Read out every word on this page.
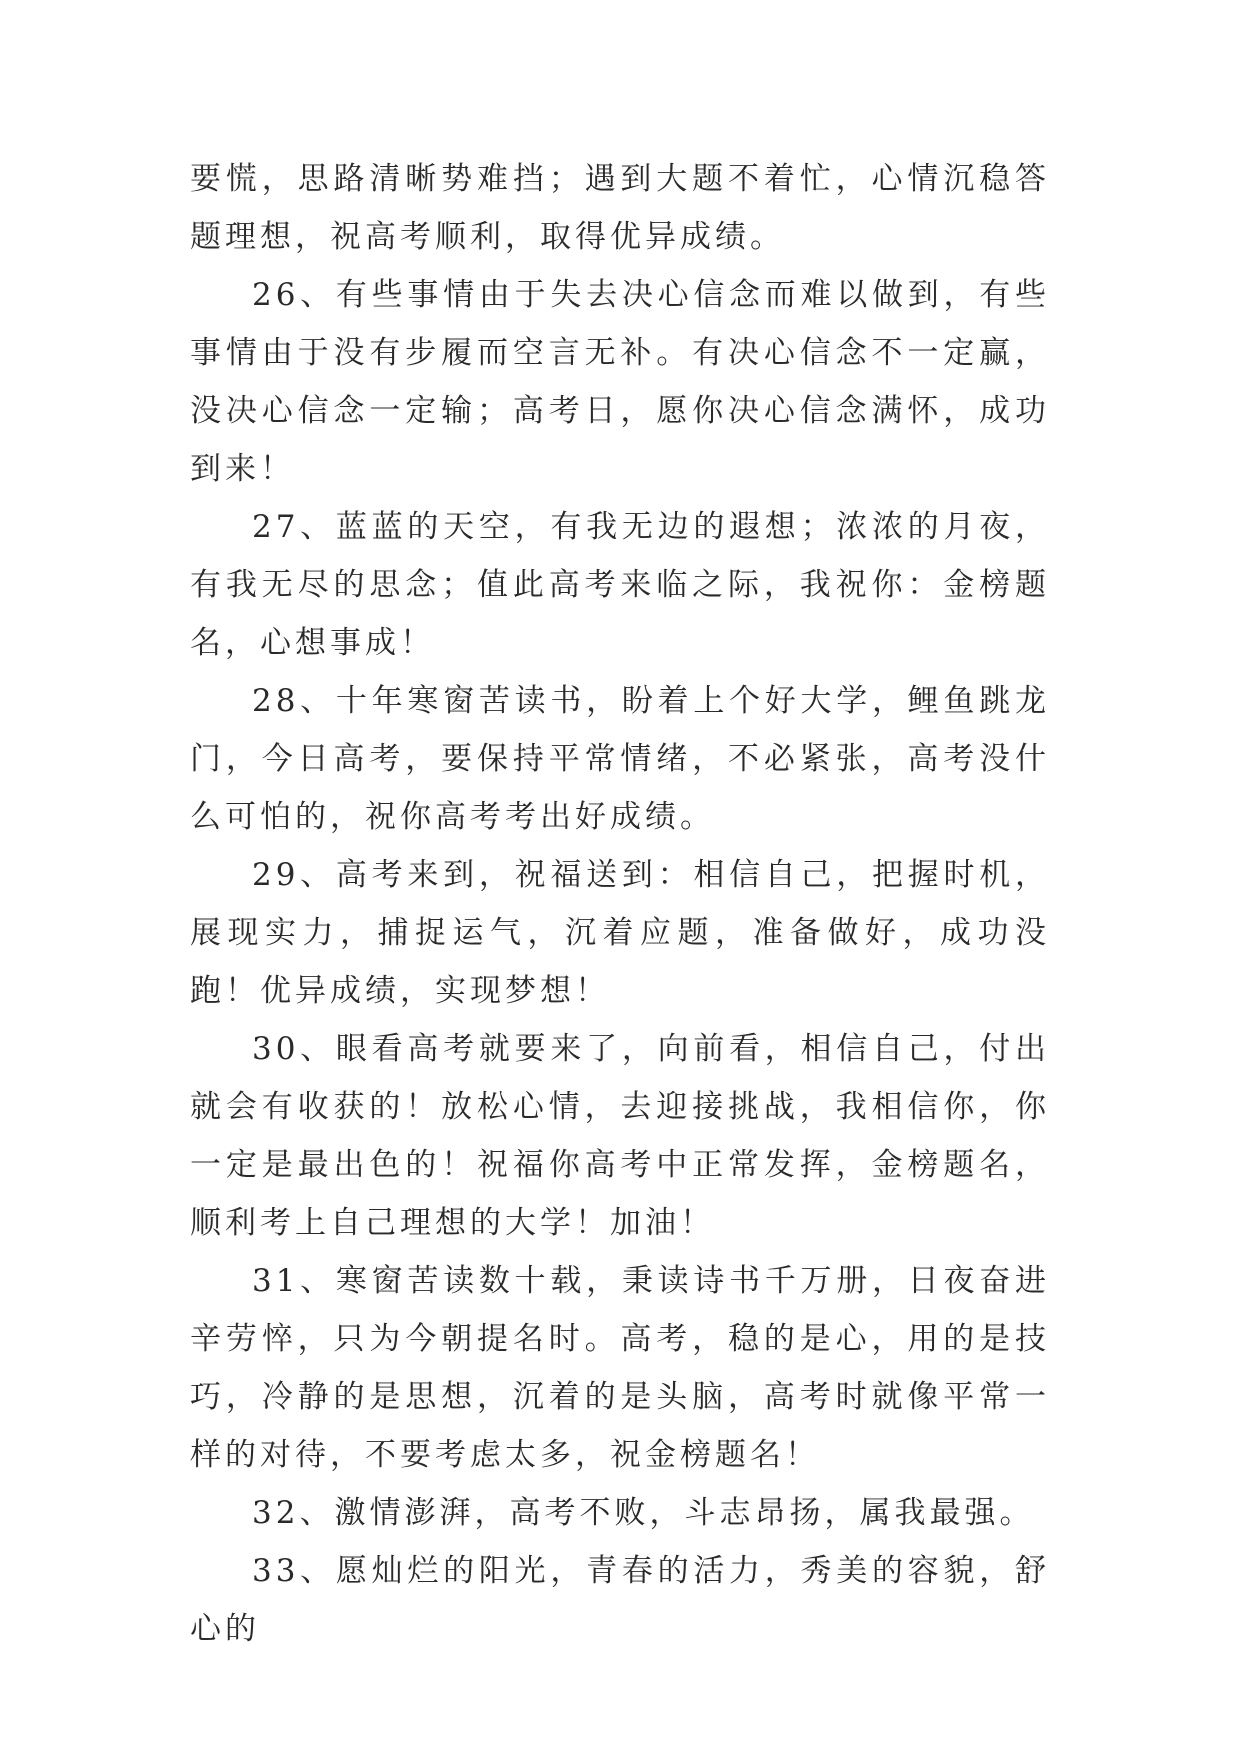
要慌，思路清晰势难挡；遇到大题不着忙，心情沉稳答题理想，祝高考顺利，取得优异成绩。

26、有些事情由于失去决心信念而难以做到，有些事情由于没有步履而空言无补。有决心信念不一定赢，没决心信念一定输；高考日，愿你决心信念满怀，成功到来！

27、蓝蓝的天空，有我无边的遐想；浓浓的月夜，有我无尽的思念；值此高考来临之际，我祝你：金榜题名，心想事成！

28、十年寒窗苦读书，盼着上个好大学，鲤鱼跳龙门，今日高考，要保持平常情绪，不必紧张，高考没什么可怕的，祝你高考考出好成绩。

29、高考来到，祝福送到：相信自己，把握时机，展现实力，捕捉运气，沉着应题，准备做好，成功没跑！优异成绩，实现梦想！

30、眼看高考就要来了，向前看，相信自己，付出就会有收获的！放松心情，去迎接挑战，我相信你，你一定是最出色的！祝福你高考中正常发挥，金榜题名，顺利考上自己理想的大学！加油！

31、寒窗苦读数十载，秉读诗书千万册，日夜奋进辛劳悴，只为今朝提名时。高考，稳的是心，用的是技巧，冷静的是思想，沉着的是头脑，高考时就像平常一样的对待，不要考虑太多，祝金榜题名！

32、激情澎湃，高考不败，斗志昂扬，属我最强。

33、愿灿烂的阳光，青春的活力，秀美的容貌，舒心的
